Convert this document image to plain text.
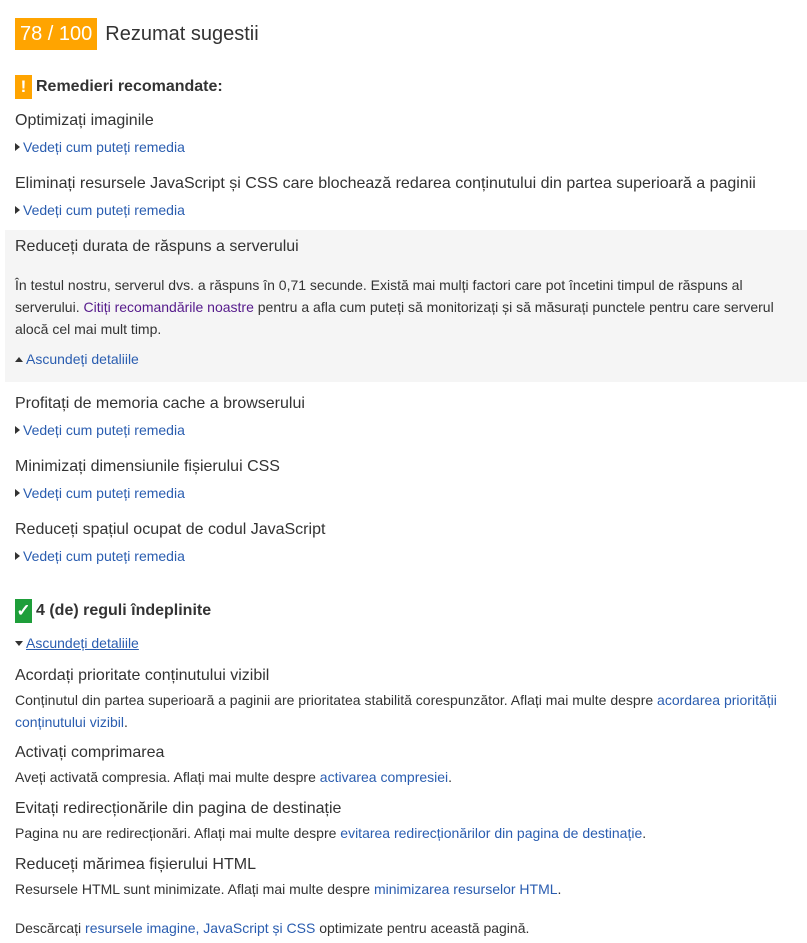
78 / 100 Rezumat sugestii
! Remedieri recomandate:
Optimizați imaginile
Vedeți cum puteți remedia
Eliminați resursele JavaScript și CSS care blochează redarea conținutului din partea superioară a paginii
Vedeți cum puteți remedia
Reduceți durata de răspuns a serverului
În testul nostru, serverul dvs. a răspuns în 0,71 secunde. Există mai mulți factori care pot încetini timpul de răspuns al serverului. Citiți recomandările noastre pentru a afla cum puteți să monitorizați și să măsurați punctele pentru care serverul alocă cel mai mult timp.
Ascundeți detaliile
Profitați de memoria cache a browserului
Vedeți cum puteți remedia
Minimizați dimensiunile fișierului CSS
Vedeți cum puteți remedia
Reduceți spațiul ocupat de codul JavaScript
Vedeți cum puteți remedia
✓ 4 (de) reguli îndeplinite
Ascundeți detaliile
Acordați prioritate conținutului vizibil
Conținutul din partea superioară a paginii are prioritatea stabilită corespunzător. Aflați mai multe despre acordarea priorității conținutului vizibil.
Activați comprimarea
Aveți activată compresia. Aflați mai multe despre activarea compresiei.
Evitați redirecționările din pagina de destinație
Pagina nu are redirecționări. Aflați mai multe despre evitarea redirecționărilor din pagina de destinație.
Reduceți mărimea fișierului HTML
Resursele HTML sunt minimizate. Aflați mai multe despre minimizarea resurselor HTML.
Descărcați resursele imagine, JavaScript și CSS optimizate pentru această pagină.
